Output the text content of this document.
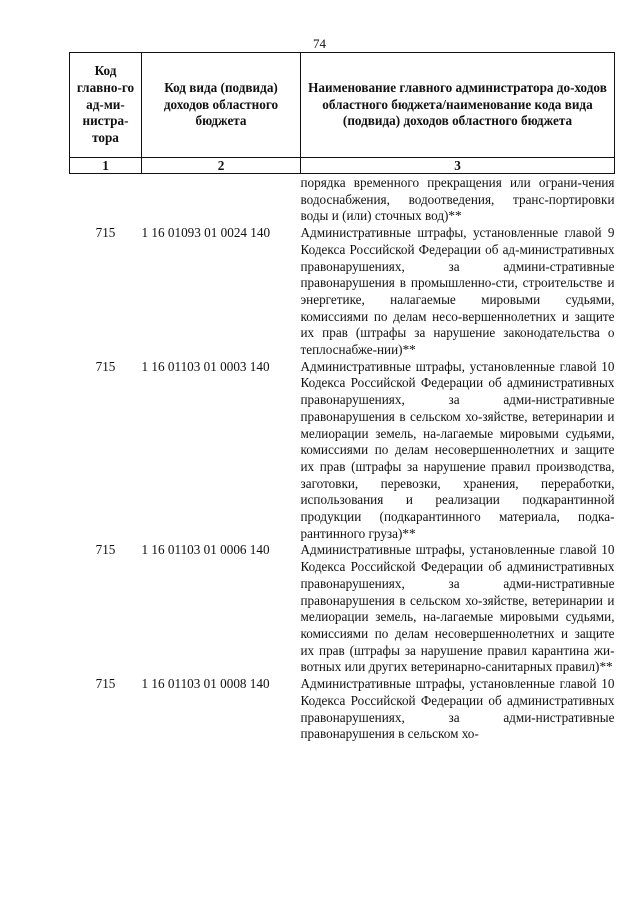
74
Код главно-го ад-ми-нистра-тора	Код вида (подвида) доходов областного бюджета	Наименование главного администратора до-ходов областного бюджета/наименование кода вида (подвида) доходов областного бюджета
1	2	3
		порядка временного прекращения или ограни-чения водоснабжения, водоотведения, транс-портировки воды и (или) сточных вод)**
715	1 16 01093 01 0024 140	Административные штрафы, установленные главой 9 Кодекса Российской Федерации об ад-министративных правонарушениях, за админи-стративные правонарушения в промышленно-сти, строительстве и энергетике, налагаемые мировыми судьями, комиссиями по делам несо-вершеннолетних и защите их прав (штрафы за нарушение законодательства о теплоснабже-нии)**
715	1 16 01103 01 0003 140	Административные штрафы, установленные главой 10 Кодекса Российской Федерации об административных правонарушениях, за адми-нистративные правонарушения в сельском хо-зяйстве, ветеринарии и мелиорации земель, на-лагаемые мировыми судьями, комиссиями по делам несовершеннолетних и защите их прав (штрафы за нарушение правил производства, заготовки, перевозки, хранения, переработки, использования и реализации подкарантинной продукции (подкарантинного материала, подка-рантинного груза)**
715	1 16 01103 01 0006 140	Административные штрафы, установленные главой 10 Кодекса Российской Федерации об административных правонарушениях, за адми-нистративные правонарушения в сельском хо-зяйстве, ветеринарии и мелиорации земель, на-лагаемые мировыми судьями, комиссиями по делам несовершеннолетних и защите их прав (штрафы за нарушение правил карантина жи-вотных или других ветеринарно-санитарных правил)**
715	1 16 01103 01 0008 140	Административные штрафы, установленные главой 10 Кодекса Российской Федерации об административных правонарушениях, за адми-нистративные правонарушения в сельском хо-
